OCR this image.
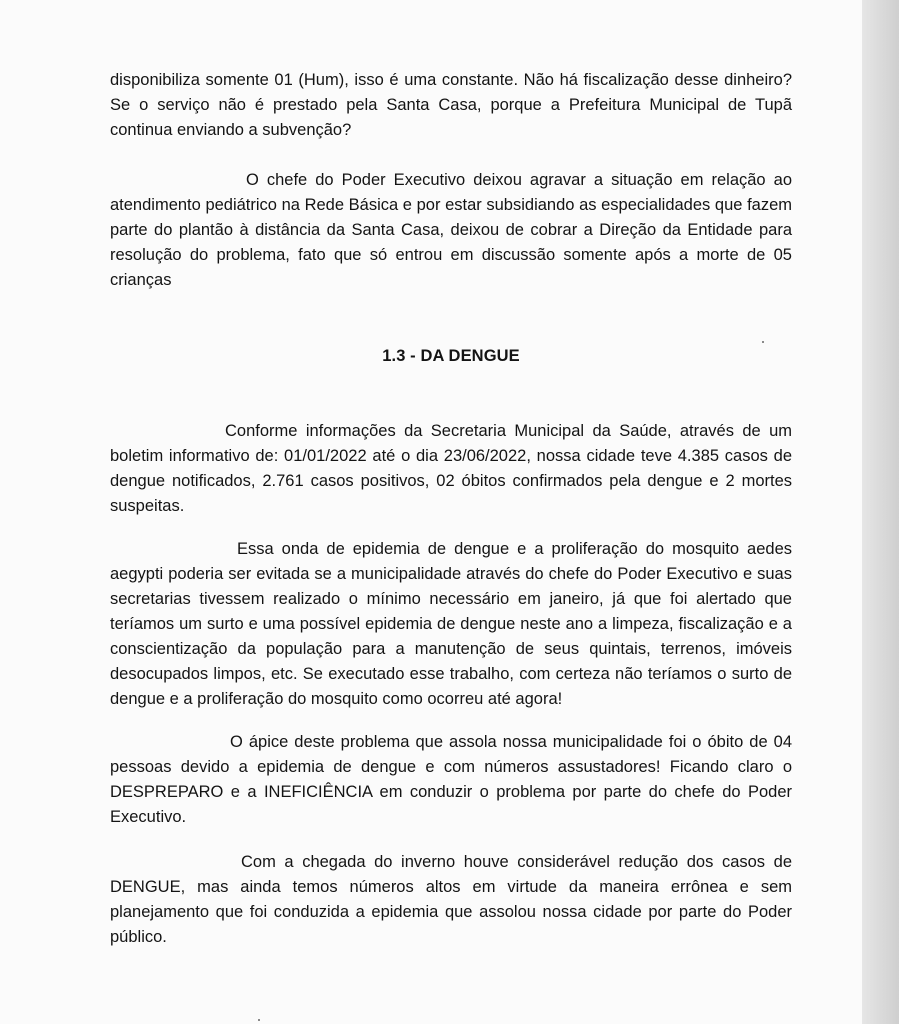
disponibiliza somente 01 (Hum), isso é uma constante. Não há fiscalização desse dinheiro? Se o serviço não é prestado pela Santa Casa, porque a Prefeitura Municipal de Tupã continua enviando a subvenção?

O chefe do Poder Executivo deixou agravar a situação em relação ao atendimento pediátrico na Rede Básica e por estar subsidiando as especialidades que fazem parte do plantão à distância da Santa Casa, deixou de cobrar a Direção da Entidade para resolução do problema, fato que só entrou em discussão somente após a morte de 05 crianças

1.3 - DA DENGUE

Conforme informações da Secretaria Municipal da Saúde, através de um boletim informativo de: 01/01/2022 até o dia 23/06/2022, nossa cidade teve 4.385 casos de dengue notificados, 2.761 casos positivos, 02 óbitos confirmados pela dengue e 2 mortes suspeitas.

Essa onda de epidemia de dengue e a proliferação do mosquito aedes aegypti poderia ser evitada se a municipalidade através do chefe do Poder Executivo e suas secretarias tivessem realizado o mínimo necessário em janeiro, já que foi alertado que teríamos um surto e uma possível epidemia de dengue neste ano a limpeza, fiscalização e a conscientização da população para a manutenção de seus quintais, terrenos, imóveis desocupados limpos, etc. Se executado esse trabalho, com certeza não teríamos o surto de dengue e a proliferação do mosquito como ocorreu até agora!

O ápice deste problema que assola nossa municipalidade foi o óbito de 04 pessoas devido a epidemia de dengue e com números assustadores! Ficando claro o DESPREPARO e a INEFICIÊNCIA em conduzir o problema por parte do chefe do Poder Executivo.

Com a chegada do inverno houve considerável redução dos casos de DENGUE, mas ainda temos números altos em virtude da maneira errônea e sem planejamento que foi conduzida a epidemia que assolou nossa cidade por parte do Poder público.
